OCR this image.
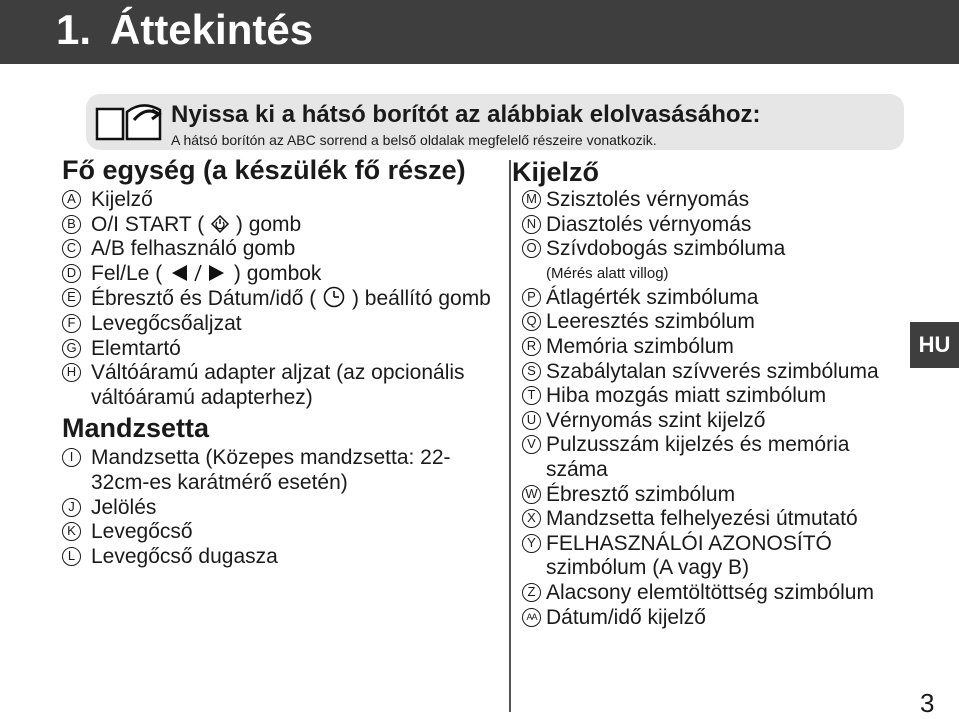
1. Áttekintés
Nyissa ki a hátsó borítót az alábbiak elolvasásához:
A hátsó borítón az ABC sorrend a belső oldalak megfelelő részeire vonatkozik.
Fő egység (a készülék fő része)
A Kijelző
B O/I START ( ) gomb
C A/B felhasználó gomb
D Fel/Le (	) gombok
E Ébresztő és Dátum/idő ( ) beállító gomb
F Levegőcsőaljzat
G Elemtartó
H Váltóáramú adapter aljzat (az opcionális váltóáramú adapterhez)
Mandzsetta
I Mandzsetta (Közepes mandzsetta: 22-32cm-es karátmérő esetén)
J Jelölés
K Levegőcső
L Levegőcső dugasza
Kijelző
M Szisztolés vérnyomás
N Diasztolés vérnyomás
O Szívdobogás szimbóluma
(Mérés alatt villog)
P Átlagérték szimbóluma
Q Leeresztés szimbólum
R Memória szimbólum
S Szabálytalan szívverés szimbóluma
T Hiba mozgás miatt szimbólum
U Vérnyomás szint kijelző
V Pulzusszám kijelzés és memória száma
W Ébresztő szimbólum
X Mandzsetta felhelyezési útmutató
Y FELHASZNÁLÓI AZONOSÍTÓ szimbólum (A vagy B)
Z Alacsony elemtöltöttség szimbólum
AA Dátum/idő kijelző
HU
3
